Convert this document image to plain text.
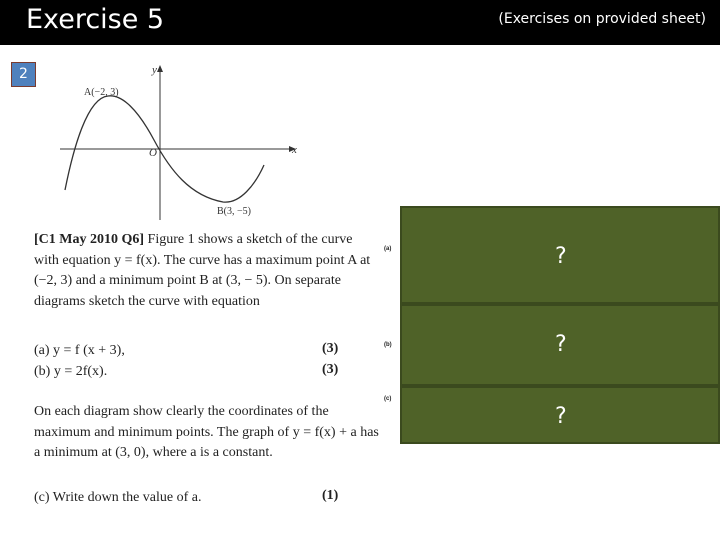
Exercise 5	(Exercises on provided sheet)
2	y
x
O
A(−2, 3)
B(3, −5)
[C1 May 2010 Q6] Figure 1 shows a sketch of the curve with equation y = f(x). The curve has a maximum point A at (−2, 3) and a minimum point B at (3, − 5). On separate diagrams sketch the curve with equation
(a) y = f (x + 3),	(3)
(b) y = 2f(x).	(3)
On each diagram show clearly the coordinates of the maximum and minimum points. The graph of y = f(x) + a has a minimum at (3, 0), where a is a constant.
(c) Write down the value of a.	(1)
(a)
(b)
(c)
?
?
?
